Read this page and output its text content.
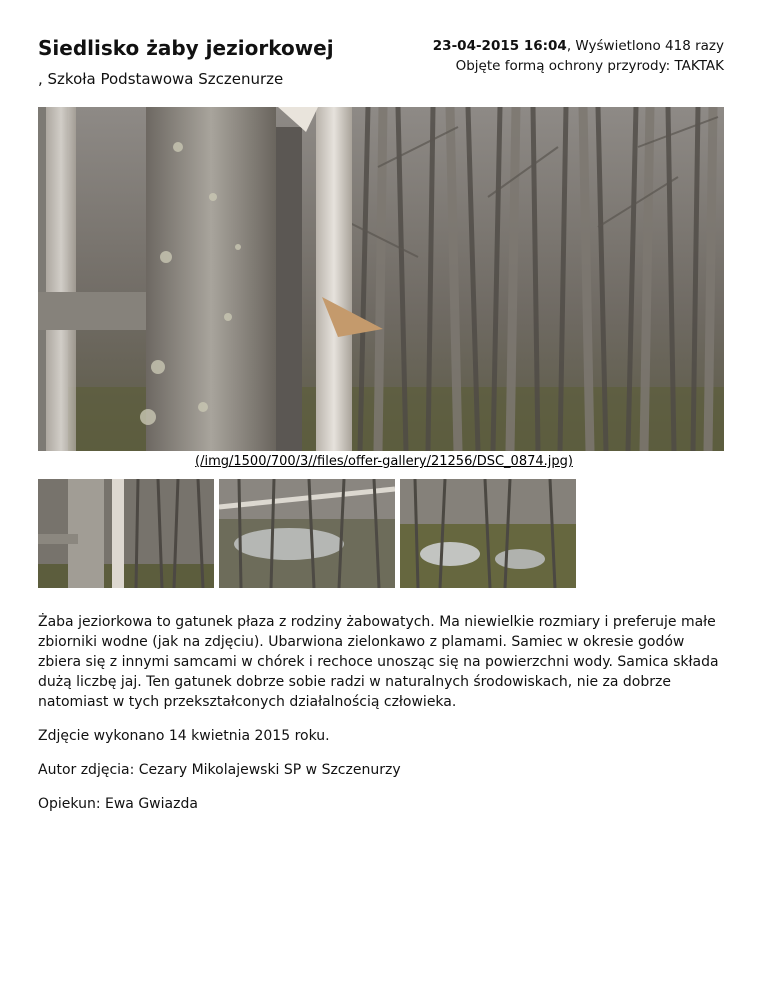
Siedlisko żaby jeziorkowej
, Szkoła Podstawowa Szczenurze
23-04-2015 16:04, Wyświetlono 418 razy
Objęte formą ochrony przyrody: TAKTAK
(/img/1500/700/3//files/offer-gallery/21256/DSC_0874.jpg)

Żaba jeziorkowa to gatunek płaza z rodziny żabowatych. Ma niewielkie rozmiary i preferuje małe zbiorniki wodne (jak na zdjęciu). Ubarwiona zielonkawo z plamami. Samiec w okresie godów zbiera się z innymi samcami w chórek i rechoce unosząc się na powierzchni wody. Samica składa dużą liczbę jaj. Ten gatunek dobrze sobie radzi w naturalnych środowiskach, nie za dobrze natomiast w tych przekształconych działalnością człowieka.

Zdjęcie wykonano 14 kwietnia 2015 roku.

Autor zdjęcia: Cezary Mikolajewski SP w Szczenurzy

Opiekun: Ewa Gwiazda
